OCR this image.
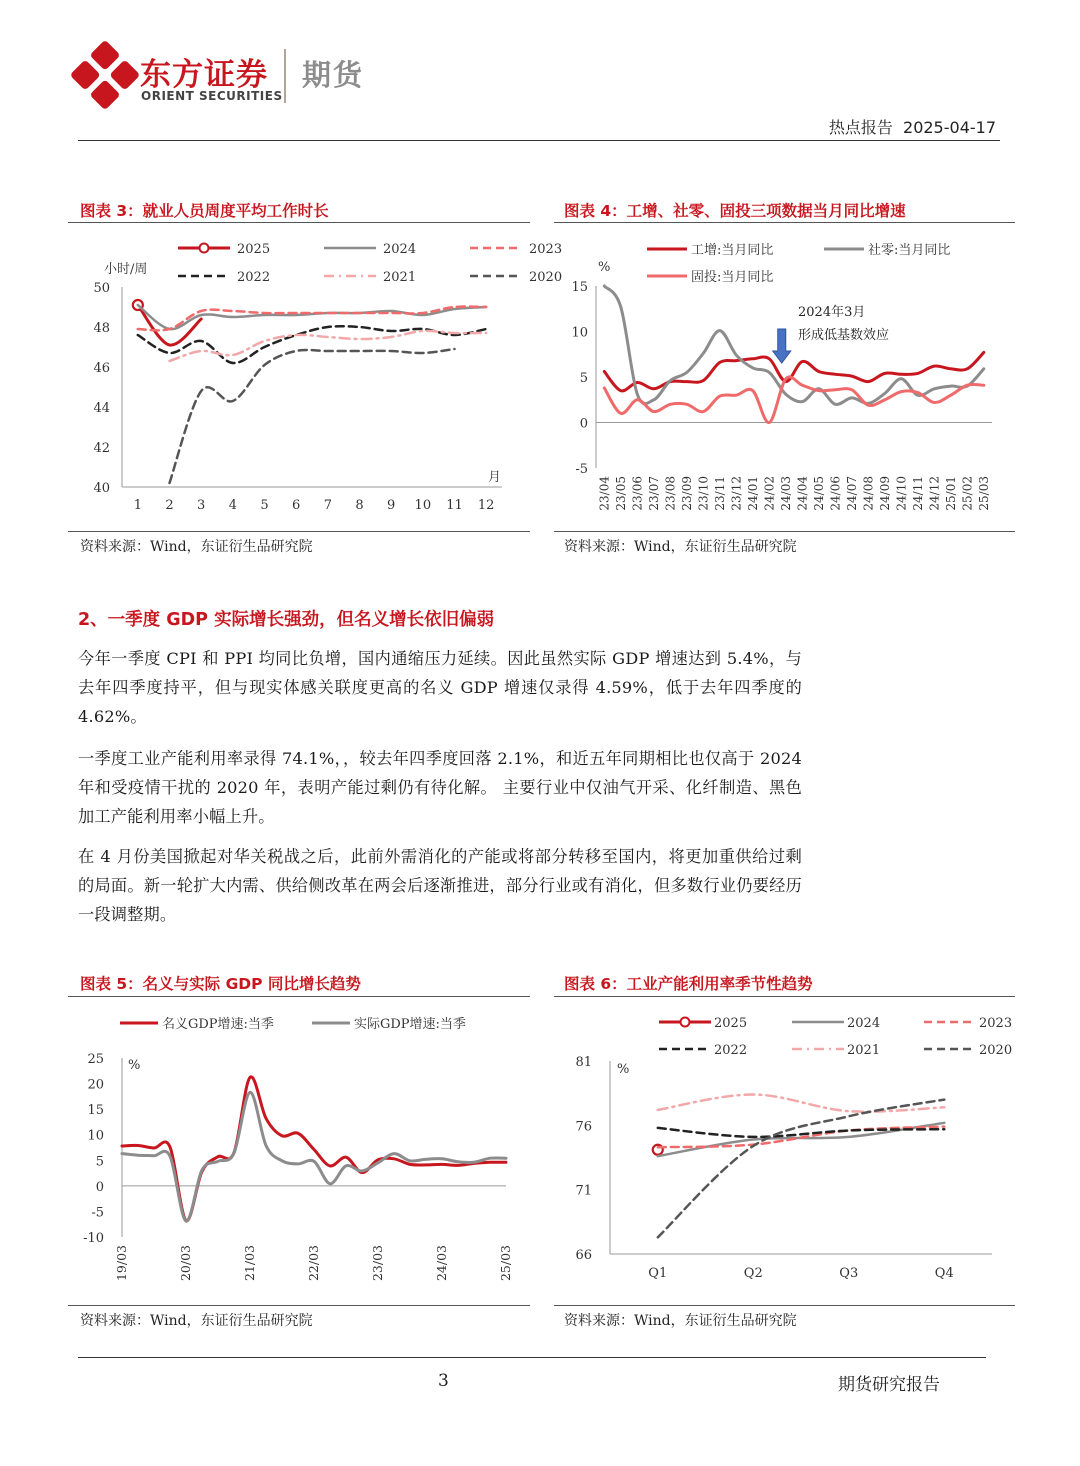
东方证券
ORIENT SECURITIES
期货
热点报告 2025-04-17
图表 3：就业人员周度平均工作时长
2025	2024	2023
2022	2021	2020
小时/周
40
42
44
46
48
50
1 2 3 4 5 6 7 8 9 10 11 12
月
资料来源：Wind，东证衍生品研究院
图表 4：工增、社零、固投三项数据当月同比增速
工增:当月同比	社零:当月同比
固投:当月同比
%
-5
0
5
10
15
23/04 23/05 23/06 23/07 23/08 23/09 23/10 23/11 23/12 24/01 24/02 24/03 24/04 24/05 24/06 24/07 24/08 24/09 24/10 24/11 24/12 25/01 25/02 25/03
2024年3月
形成低基数效应
资料来源：Wind，东证衍生品研究院
2、一季度 GDP 实际增长强劲，但名义增长依旧偏弱
今年一季度 CPI 和 PPI 均同比负增，国内通缩压力延续。因此虽然实际 GDP 增速达到 5.4%，与去年四季度持平，但与现实体感关联度更高的名义 GDP 增速仅录得 4.59%，低于去年四季度的 4.62%。
一季度工业产能利用率录得 74.1%，，较去年四季度回落 2.1%，和近五年同期相比也仅高于 2024 年和受疫情干扰的 2020 年，表明产能过剩仍有待化解。 主要行业中仅油气开采、化纤制造、黑色加工产能利用率小幅上升。
在 4 月份美国掀起对华关税战之后，此前外需消化的产能或将部分转移至国内，将更加重供给过剩的局面。新一轮扩大内需、供给侧改革在两会后逐渐推进，部分行业或有消化，但多数行业仍要经历一段调整期。
图表 5：名义与实际 GDP 同比增长趋势
名义GDP增速:当季	实际GDP增速:当季
%
-10
-5
0
5
10
15
20
25
19/03	20/03	21/03	22/03	23/03	24/03	25/03
资料来源：Wind，东证衍生品研究院
图表 6：工业产能利用率季节性趋势
2025	2024	2023
2022	2021	2020
%
66
71
76
81
Q1	Q2	Q3	Q4
资料来源：Wind，东证衍生品研究院
3	期货研究报告
